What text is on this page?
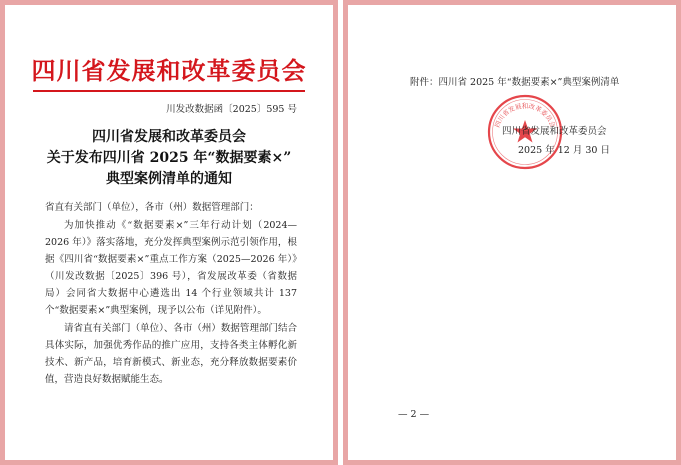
四川省发展和改革委员会
川发改数据函〔2025〕595 号
四川省发展和改革委员会
关于发布四川省 2025 年“数据要素×”
典型案例清单的通知

省直有关部门（单位），各市（州）数据管理部门：

为加快推动《“数据要素×”三年行动计划（2024—2026 年）》落实落地，充分发挥典型案例示范引领作用，根据《四川省“数据要素×”重点工作方案（2025—2026 年）》（川发改数据〔2025〕396 号），省发展改革委（省数据局）会同省大数据中心遴选出 14 个行业领域共计 137 个“数据要素×”典型案例，现予以公布（详见附件）。

请省直有关部门（单位）、各市（州）数据管理部门结合具体实际，加强优秀作品的推广应用，支持各类主体孵化新技术、新产品，培育新模式、新业态，充分释放数据要素价值，营造良好数据赋能生态。

附件：四川省 2025 年“数据要素×”典型案例清单
四川省发展和改革委员会
四川省发展和改革委员会
2025 年 12 月 30 日
— 2 —
